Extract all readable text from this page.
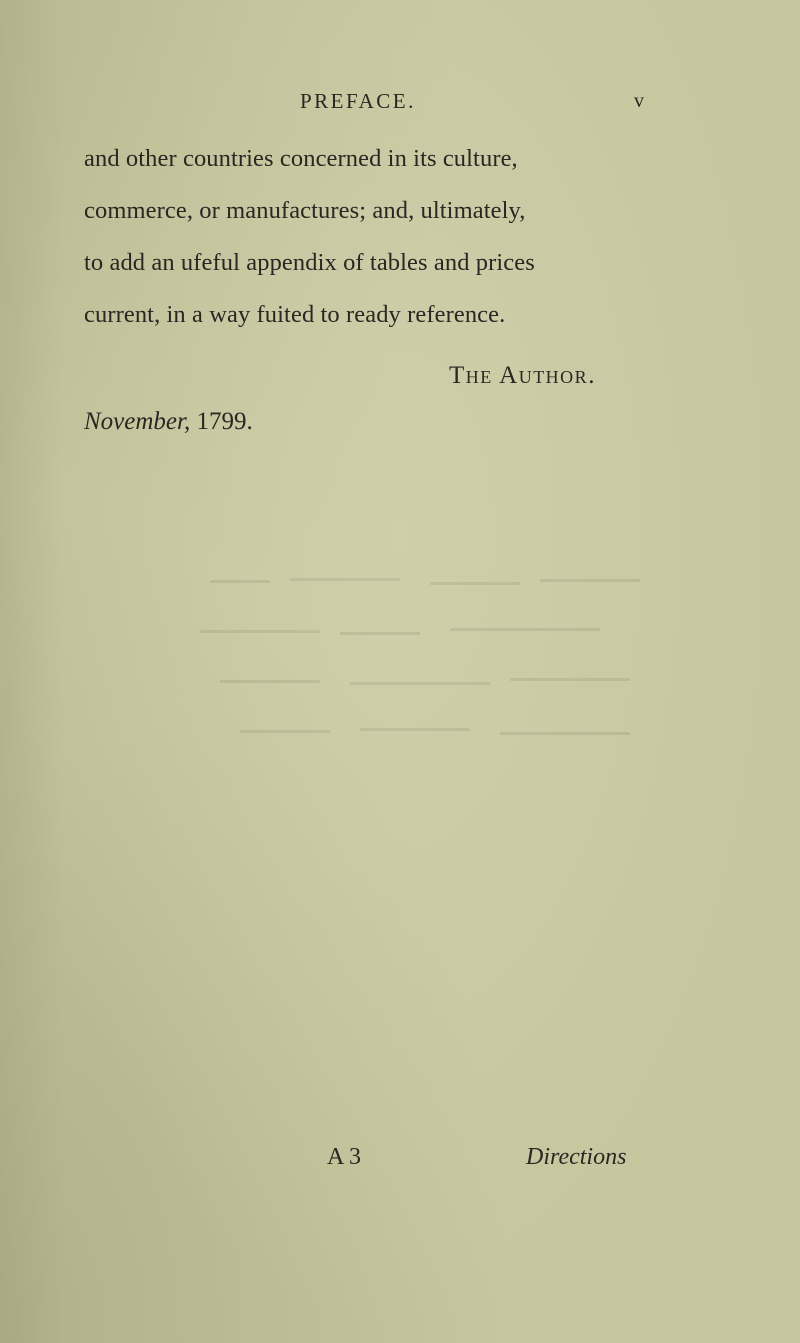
PREFACE.	v
and other countries concerned in its culture,
commerce, or manufactures; and, ultimately,
to add an ufeful appendix of tables and prices
current, in a way fuited to ready reference.
The Author.
November, 1799.
A 3	Directions
